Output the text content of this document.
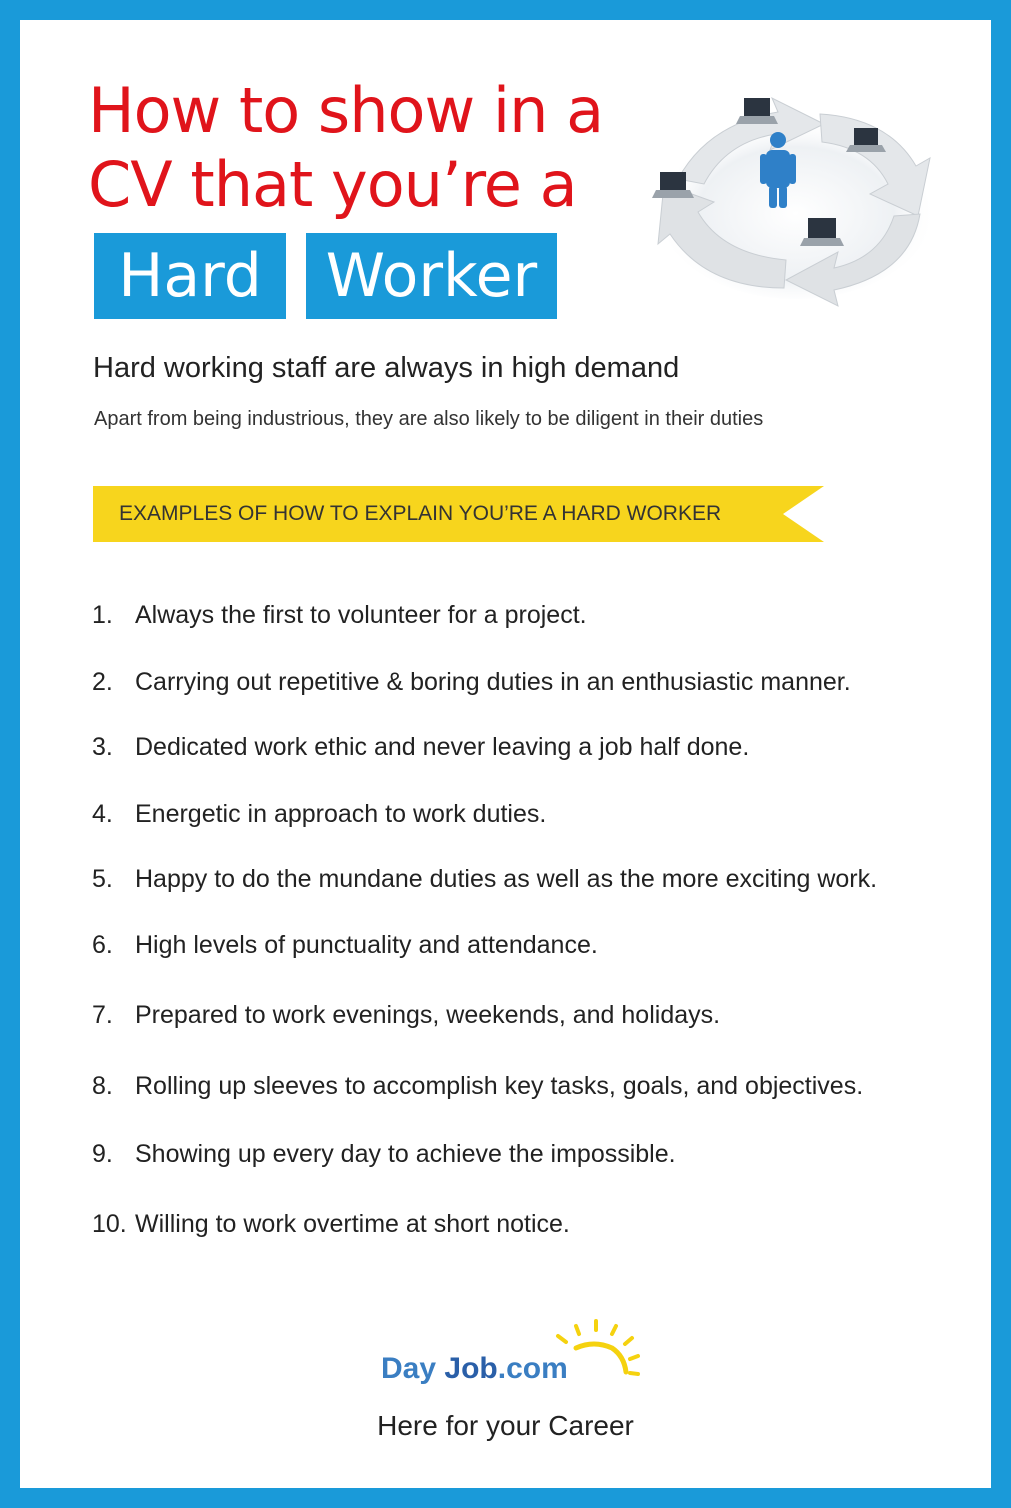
How to show in a
CV that you’re a
Hard	Worker
Hard working staff are always in high demand
Apart from being industrious, they are also likely to be diligent in their duties
EXAMPLES OF HOW TO EXPLAIN YOU’RE A HARD WORKER
1. Always the first to volunteer for a project.
2. Carrying out repetitive & boring duties in an enthusiastic manner.
3. Dedicated work ethic and never leaving a job half done.
4. Energetic in approach to work duties.
5. Happy to do the mundane duties as well as the more exciting work.
6. High levels of punctuality and attendance.
7. Prepared to work evenings, weekends, and holidays.
8. Rolling up sleeves to accomplish key tasks, goals, and objectives.
9. Showing up every day to achieve the impossible.
10. Willing to work overtime at short notice.
Day Job.com
Here for your Career
